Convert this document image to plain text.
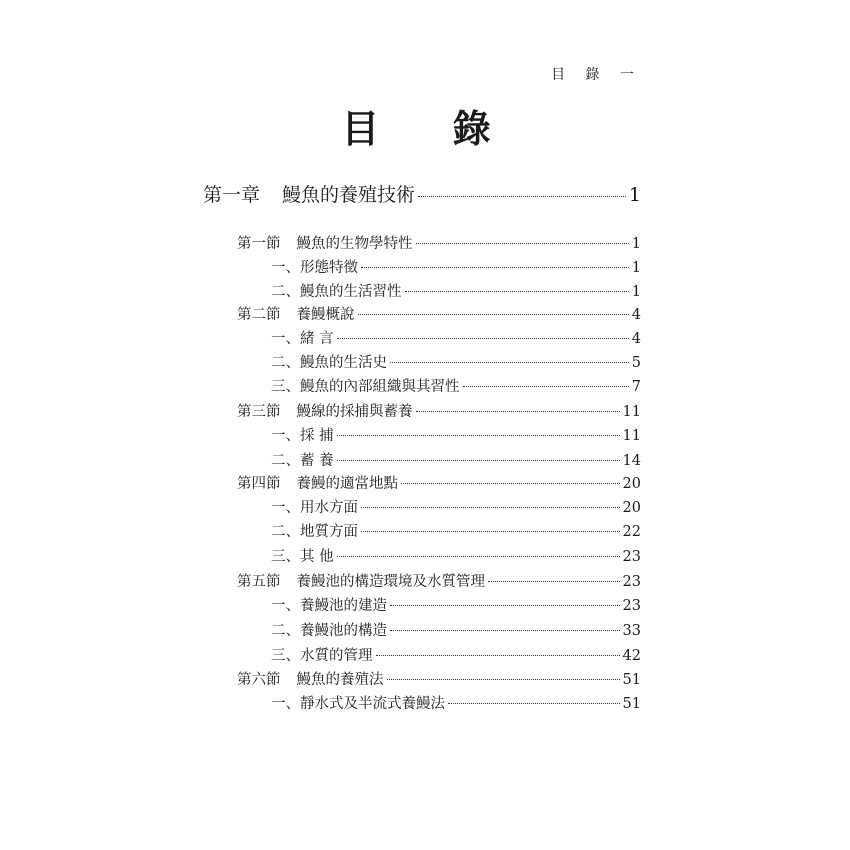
目 錄 一
目 錄
第一章 鰻魚的養殖技術	1
第一節 鰻魚的生物學特性	1
一、 形態特徵	1
二、 鰻魚的生活習性	1
第二節 養鰻概說	4
一、 緒 言	4
二、 鰻魚的生活史	5
三、 鰻魚的內部組織與其習性	7
第三節 鰻線的採捕與蓄養	11
一、 採 捕	11
二、 蓄 養	14
第四節 養鰻的適當地點	20
一、 用水方面	20
二、 地質方面	22
三、 其 他	23
第五節 養鰻池的構造環境及水質管理	23
一、 養鰻池的建造	23
二、 養鰻池的構造	33
三、 水質的管理	42
第六節 鰻魚的養殖法	51
一、 靜水式及半流式養鰻法	51
